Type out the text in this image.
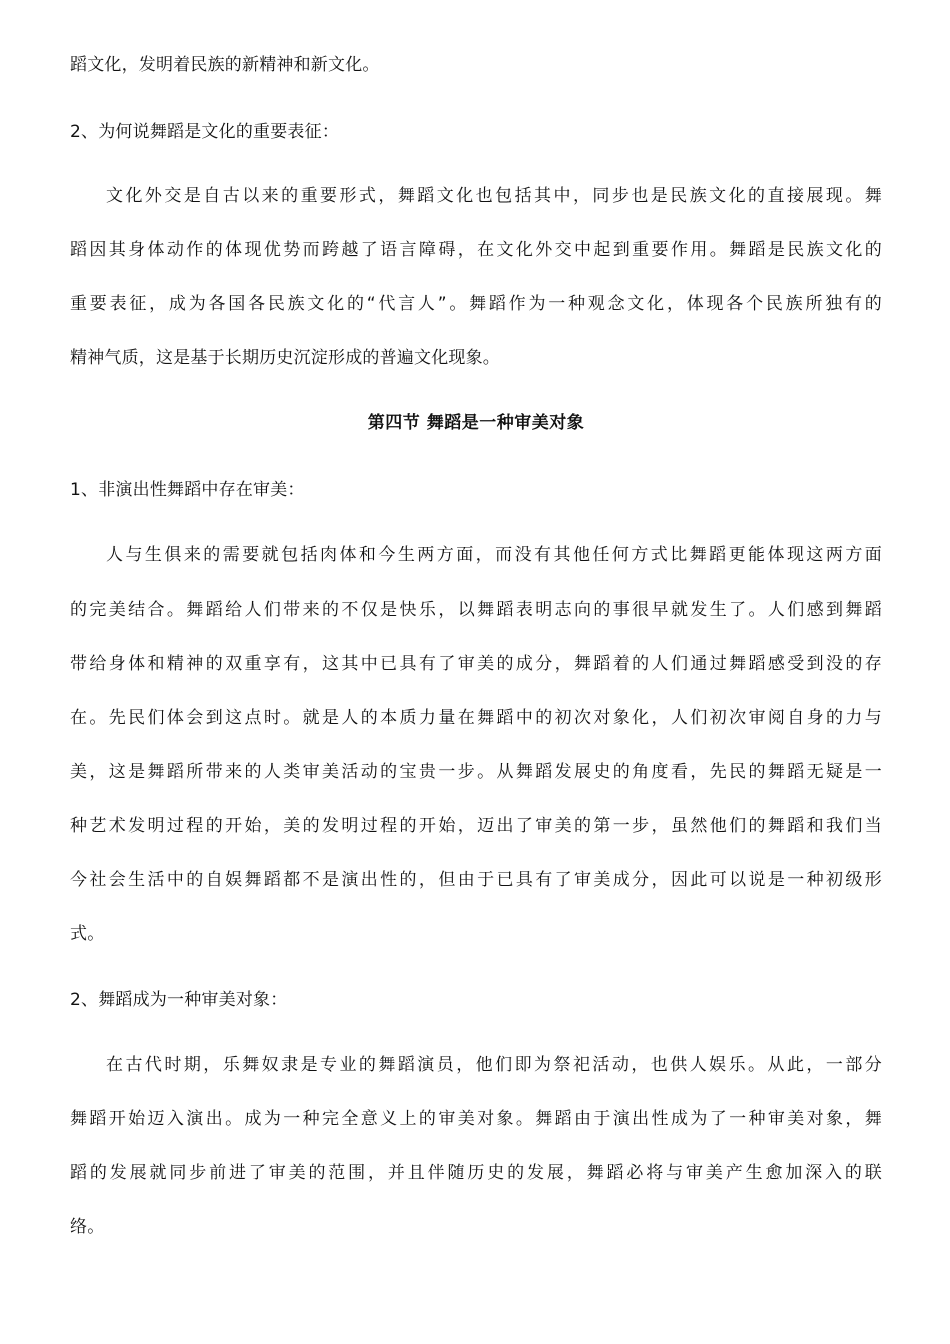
蹈文化，发明着民族的新精神和新文化。
2、为何说舞蹈是文化的重要表征：
文化外交是自古以来的重要形式，舞蹈文化也包括其中，同步也是民族文化的直接展现。舞
蹈因其身体动作的体现优势而跨越了语言障碍，在文化外交中起到重要作用。舞蹈是民族文化的
重要表征，成为各国各民族文化的“代言人”。舞蹈作为一种观念文化，体现各个民族所独有的
精神气质，这是基于长期历史沉淀形成的普遍文化现象。
第四节 舞蹈是一种审美对象
1、非演出性舞蹈中存在审美：
人与生俱来的需要就包括肉体和今生两方面，而没有其他任何方式比舞蹈更能体现这两方面
的完美结合。舞蹈给人们带来的不仅是快乐，以舞蹈表明志向的事很早就发生了。人们感到舞蹈
带给身体和精神的双重享有，这其中已具有了审美的成分，舞蹈着的人们通过舞蹈感受到没的存
在。先民们体会到这点时。就是人的本质力量在舞蹈中的初次对象化，人们初次审阅自身的力与
美，这是舞蹈所带来的人类审美活动的宝贵一步。从舞蹈发展史的角度看，先民的舞蹈无疑是一
种艺术发明过程的开始，美的发明过程的开始，迈出了审美的第一步，虽然他们的舞蹈和我们当
今社会生活中的自娱舞蹈都不是演出性的，但由于已具有了审美成分，因此可以说是一种初级形
式。
2、舞蹈成为一种审美对象：
在古代时期，乐舞奴隶是专业的舞蹈演员，他们即为祭祀活动，也供人娱乐。从此，一部分
舞蹈开始迈入演出。成为一种完全意义上的审美对象。舞蹈由于演出性成为了一种审美对象，舞
蹈的发展就同步前进了审美的范围，并且伴随历史的发展，舞蹈必将与审美产生愈加深入的联
络。
